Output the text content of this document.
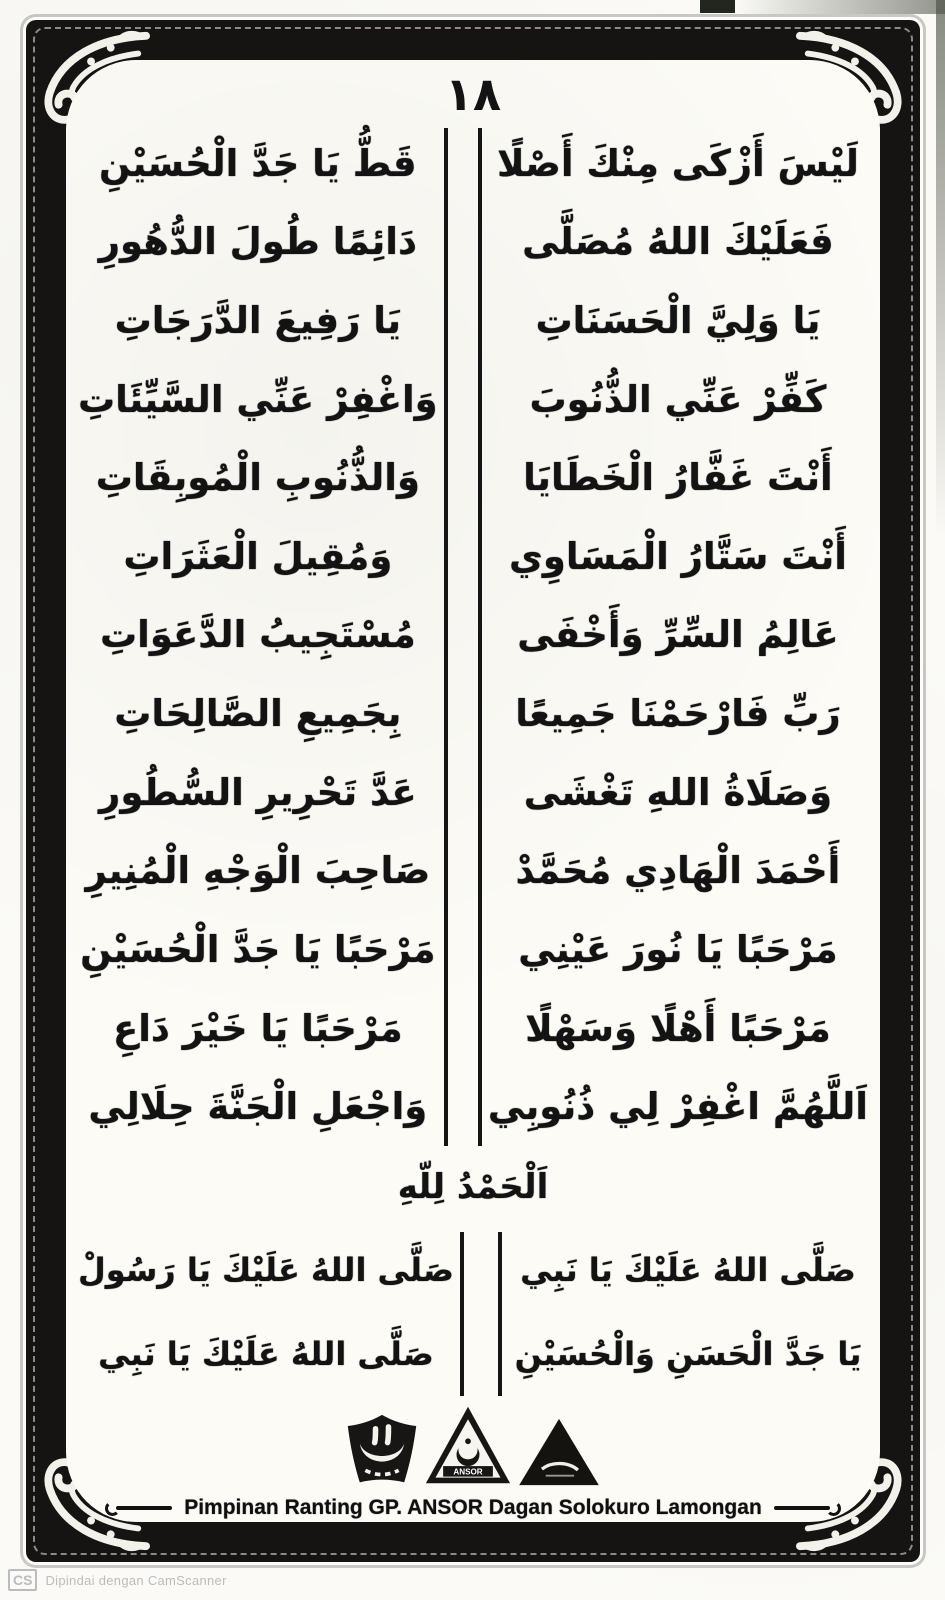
١٨
لَيْسَ أَزْكَى مِنْكَ أَصْلًا
فَعَلَيْكَ اللهُ مُصَلَّى
يَا وَلِيَّ الْحَسَنَاتِ
كَفِّرْ عَنِّي الذُّنُوبَ
أَنْتَ غَفَّارُ الْخَطَايَا
أَنْتَ سَتَّارُ الْمَسَاوِي
عَالِمُ السِّرِّ وَأَخْفَى
رَبِّ فَارْحَمْنَا جَمِيعًا
وَصَلَاةُ اللهِ تَغْشَى
أَحْمَدَ الْهَادِي مُحَمَّدْ
مَرْحَبًا يَا نُورَ عَيْنِي
مَرْحَبًا أَهْلًا وَسَهْلًا
اَللَّهُمَّ اغْفِرْ لِي ذُنُوبِي
قَطُّ يَا جَدَّ الْحُسَيْنِ
دَائِمًا طُولَ الدُّهُورِ
يَا رَفِيعَ الدَّرَجَاتِ
وَاغْفِرْ عَنِّي السَّيِّئَاتِ
وَالذُّنُوبِ الْمُوبِقَاتِ
وَمُقِيلَ الْعَثَرَاتِ
مُسْتَجِيبُ الدَّعَوَاتِ
بِجَمِيعِ الصَّالِحَاتِ
عَدَّ تَحْرِيرِ السُّطُورِ
صَاحِبَ الْوَجْهِ الْمُنِيرِ
مَرْحَبًا يَا جَدَّ الْحُسَيْنِ
مَرْحَبًا يَا خَيْرَ دَاعِ
وَاجْعَلِ الْجَنَّةَ حِلَالِي
اَلْحَمْدُ لِلّهِ
صَلَّى اللهُ عَلَيْكَ يَا نَبِي
يَا جَدَّ الْحَسَنِ وَالْحُسَيْنِ
صَلَّى اللهُ عَلَيْكَ يَا رَسُولْ
صَلَّى اللهُ عَلَيْكَ يَا نَبِي
ANSOR
Pimpinan Ranting GP. ANSOR Dagan Solokuro Lamongan
CS	Dipindai dengan CamScanner
